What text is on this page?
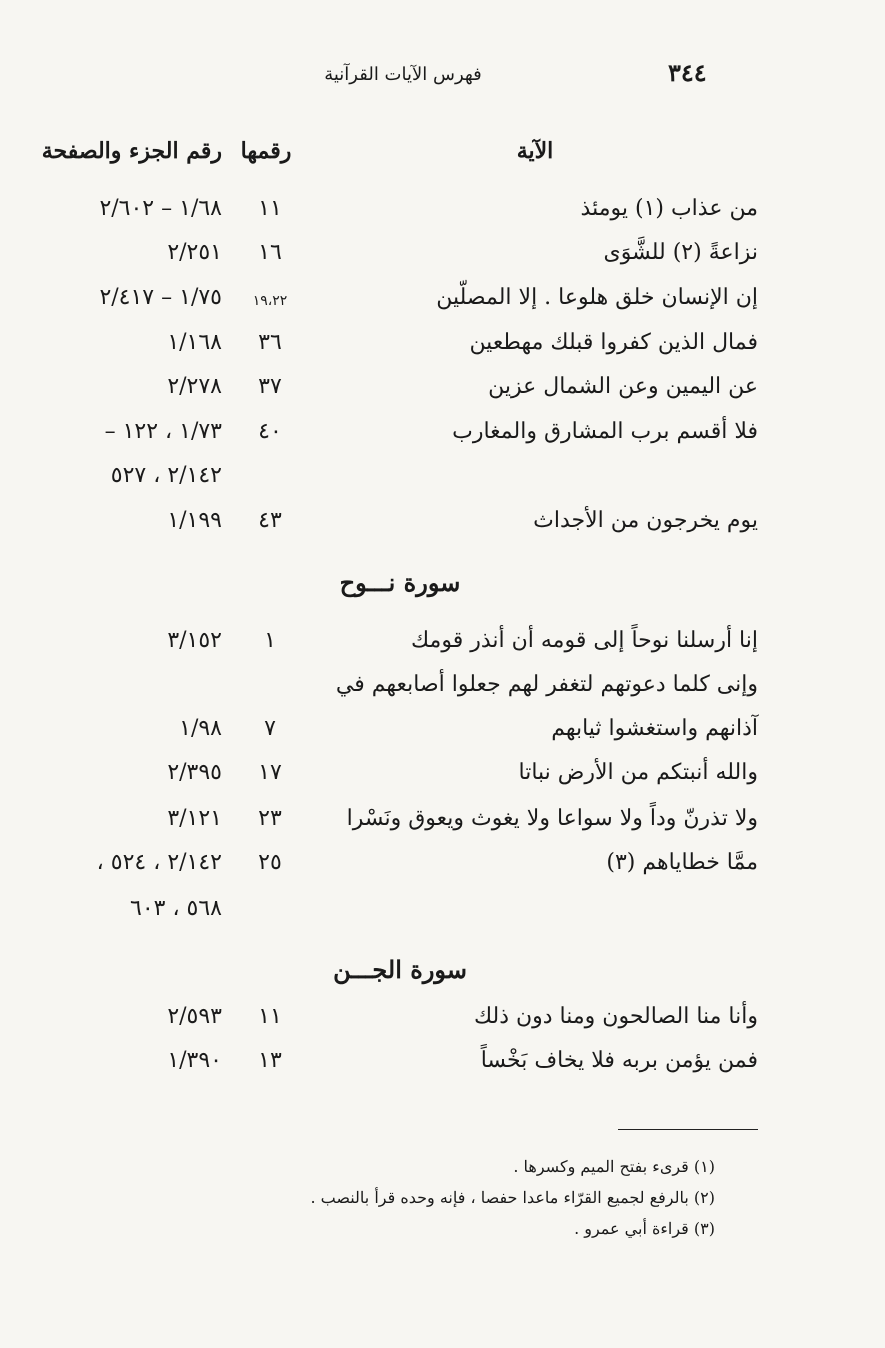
٣٤٤
فهرس الآيات القرآنية
الآية
رقمها
رقم الجزء والصفحة
من عذاب (١) يومئذ
١١
١/٦٨ – ٢/٦٠٢
نزاعةً (٢) للشَّوَى
١٦
٢/٢٥١
إن الإنسان خلق هلوعا . إلا المصلّين
١٩،٢٢
١/٧٥ – ٢/٤١٧
فمال الذين كفروا قبلك مهطعين
٣٦
١/١٦٨
عن اليمين وعن الشمال عزين
٣٧
٢/٢٧٨
فلا أقسم برب المشارق والمغارب
٤٠
١/٧٣ ، ١٢٢ –
٢/١٤٢ ، ٥٢٧
يوم يخرجون من الأجداث
٤٣
١/١٩٩
سورة نـــوح
إنا أرسلنا نوحاً إلى قومه أن أنذر قومك
١
٣/١٥٢
وإنى كلما دعوتهم لتغفر لهم جعلوا أصابعهم في
آذانهم واستغشوا ثيابهم
٧
١/٩٨
والله أنبتكم من الأرض نباتا
١٧
٢/٣٩٥
ولا تذرنّ وداً ولا سواعا ولا يغوث ويعوق ونَسْرا
٢٣
٣/١٢١
ممَّا خطاياهم (٣)
٢٥
٢/١٤٢ ، ٥٢٤ ،
٥٦٨ ، ٦٠٣
سورة الجـــن
وأنا منا الصالحون ومنا دون ذلك
١١
٢/٥٩٣
فمن يؤمن بربه فلا يخاف بَخْساً
١٣
١/٣٩٠
(١) قرىء بفتح الميم وكسرها .
(٢) بالرفع لجميع القرّاء ماعدا حفصا ، فإنه وحده قرأ بالنصب .
(٣) قراءة أبي عمرو .
